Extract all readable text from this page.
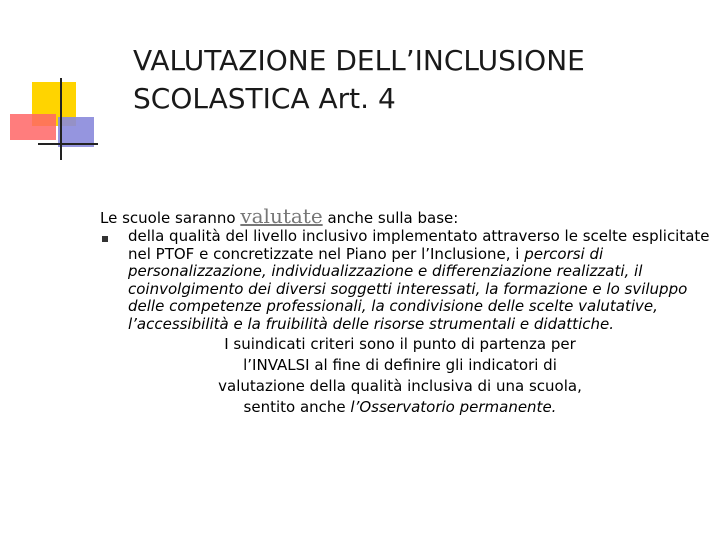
VALUTAZIONE DELL’INCLUSIONE
SCOLASTICA Art. 4
Le scuole saranno valutate anche sulla base:
della qualità del livello inclusivo implementato attraverso le scelte esplicitate nel PTOF e concretizzate nel Piano per l’Inclusione, i percorsi di personalizzazione, individualizzazione e differenziazione realizzati, il coinvolgimento dei diversi soggetti interessati, la formazione e lo sviluppo delle competenze professionali, la condivisione delle scelte valutative, l’accessibilità e la fruibilità delle risorse strumentali e didattiche.
I suindicati criteri sono il punto di partenza per l’INVALSI al fine di definire gli indicatori di valutazione della qualità inclusiva di una scuola, sentito anche l’Osservatorio permanente.
